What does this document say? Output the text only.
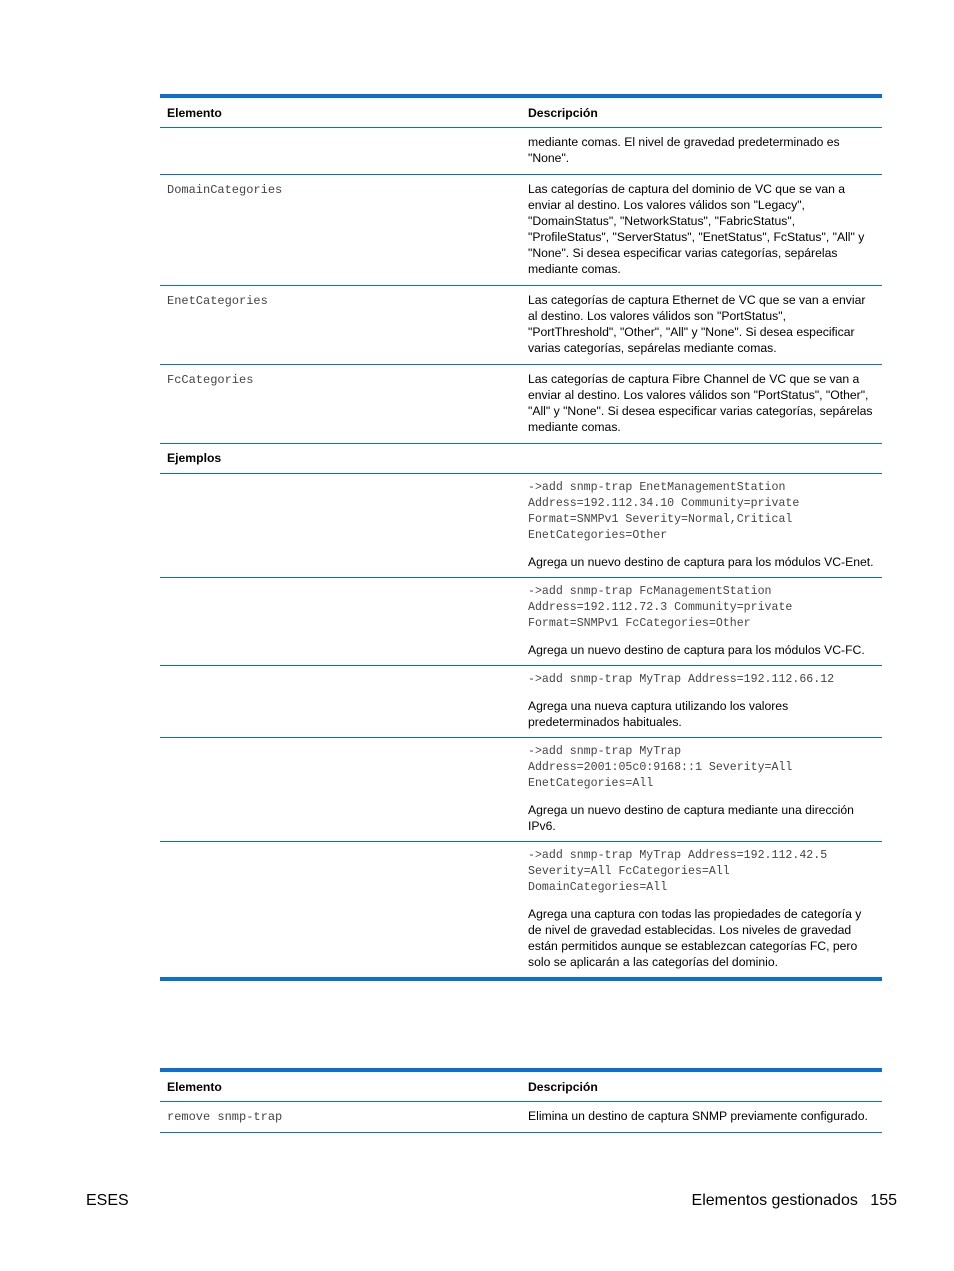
Elemento	Descripción
mediante comas. El nivel de gravedad predeterminado es "None".
DomainCategories	Las categorías de captura del dominio de VC que se van a enviar al destino. Los valores válidos son "Legacy", "DomainStatus", "NetworkStatus", "FabricStatus", "ProfileStatus", "ServerStatus", "EnetStatus", FcStatus", "All" y "None". Si desea especificar varias categorías, sepárelas mediante comas.
EnetCategories	Las categorías de captura Ethernet de VC que se van a enviar al destino. Los valores válidos son "PortStatus", "PortThreshold", "Other", "All" y "None". Si desea especificar varias categorías, sepárelas mediante comas.
FcCategories	Las categorías de captura Fibre Channel de VC que se van a enviar al destino. Los valores válidos son "PortStatus", "Other", "All" y "None". Si desea especificar varias categorías, sepárelas mediante comas.
Ejemplos
->add snmp-trap EnetManagementStation
Address=192.112.34.10 Community=private
Format=SNMPv1 Severity=Normal,Critical
EnetCategories=Other
Agrega un nuevo destino de captura para los módulos VC-Enet.
->add snmp-trap FcManagementStation
Address=192.112.72.3 Community=private
Format=SNMPv1 FcCategories=Other
Agrega un nuevo destino de captura para los módulos VC-FC.
->add snmp-trap MyTrap Address=192.112.66.12
Agrega una nueva captura utilizando los valores predeterminados habituales.
->add snmp-trap MyTrap
Address=2001:05c0:9168::1 Severity=All
EnetCategories=All
Agrega un nuevo destino de captura mediante una dirección IPv6.
->add snmp-trap MyTrap Address=192.112.42.5
Severity=All FcCategories=All
DomainCategories=All
Agrega una captura con todas las propiedades de categoría y de nivel de gravedad establecidas. Los niveles de gravedad están permitidos aunque se establezcan categorías FC, pero solo se aplicarán a las categorías del dominio.
Elemento	Descripción
remove snmp-trap	Elimina un destino de captura SNMP previamente configurado.
ESES	Elementos gestionados 155
